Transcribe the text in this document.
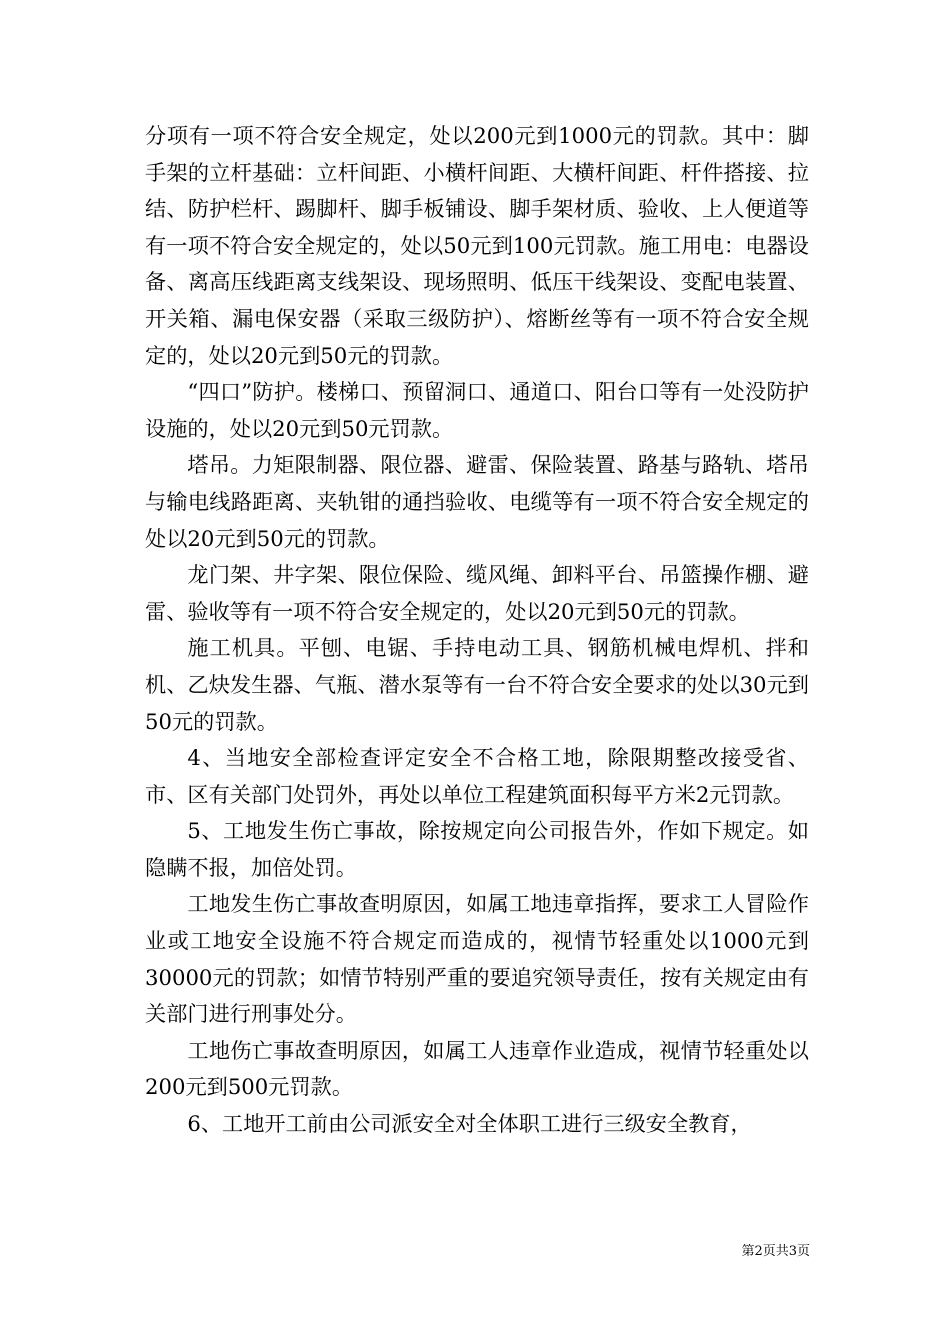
分项有一项不符合安全规定，处以200元到1000元的罚款。其中：脚手架的立杆基础：立杆间距、小横杆间距、大横杆间距、杆件搭接、拉结、防护栏杆、踢脚杆、脚手板铺设、脚手架材质、验收、上人便道等有一项不符合安全规定的，处以50元到100元罚款。施工用电：电器设备、离高压线距离支线架设、现场照明、低压干线架设、变配电装置、开关箱、漏电保安器（采取三级防护）、熔断丝等有一项不符合安全规定的，处以20元到50元的罚款。

“四口”防护。楼梯口、预留洞口、通道口、阳台口等有一处没防护设施的，处以20元到50元罚款。

塔吊。力矩限制器、限位器、避雷、保险装置、路基与路轨、塔吊与输电线路距离、夹轨钳的通挡验收、电缆等有一项不符合安全规定的处以20元到50元的罚款。

龙门架、井字架、限位保险、缆风绳、卸料平台、吊篮操作棚、避雷、验收等有一项不符合安全规定的，处以20元到50元的罚款。

施工机具。平刨、电锯、手持电动工具、钢筋机械电焊机、拌和机、乙炔发生器、气瓶、潜水泵等有一台不符合安全要求的处以30元到50元的罚款。

4、当地安全部检查评定安全不合格工地，除限期整改接受省、市、区有关部门处罚外，再处以单位工程建筑面积每平方米2元罚款。

5、工地发生伤亡事故，除按规定向公司报告外，作如下规定。如隐瞒不报，加倍处罚。

工地发生伤亡事故查明原因，如属工地违章指挥，要求工人冒险作业或工地安全设施不符合规定而造成的，视情节轻重处以1000元到30000元的罚款；如情节特别严重的要追究领导责任，按有关规定由有关部门进行刑事处分。

工地伤亡事故查明原因，如属工人违章作业造成，视情节轻重处以200元到500元罚款。

6、工地开工前由公司派安全对全体职工进行三级安全教育，

第2页共3页
